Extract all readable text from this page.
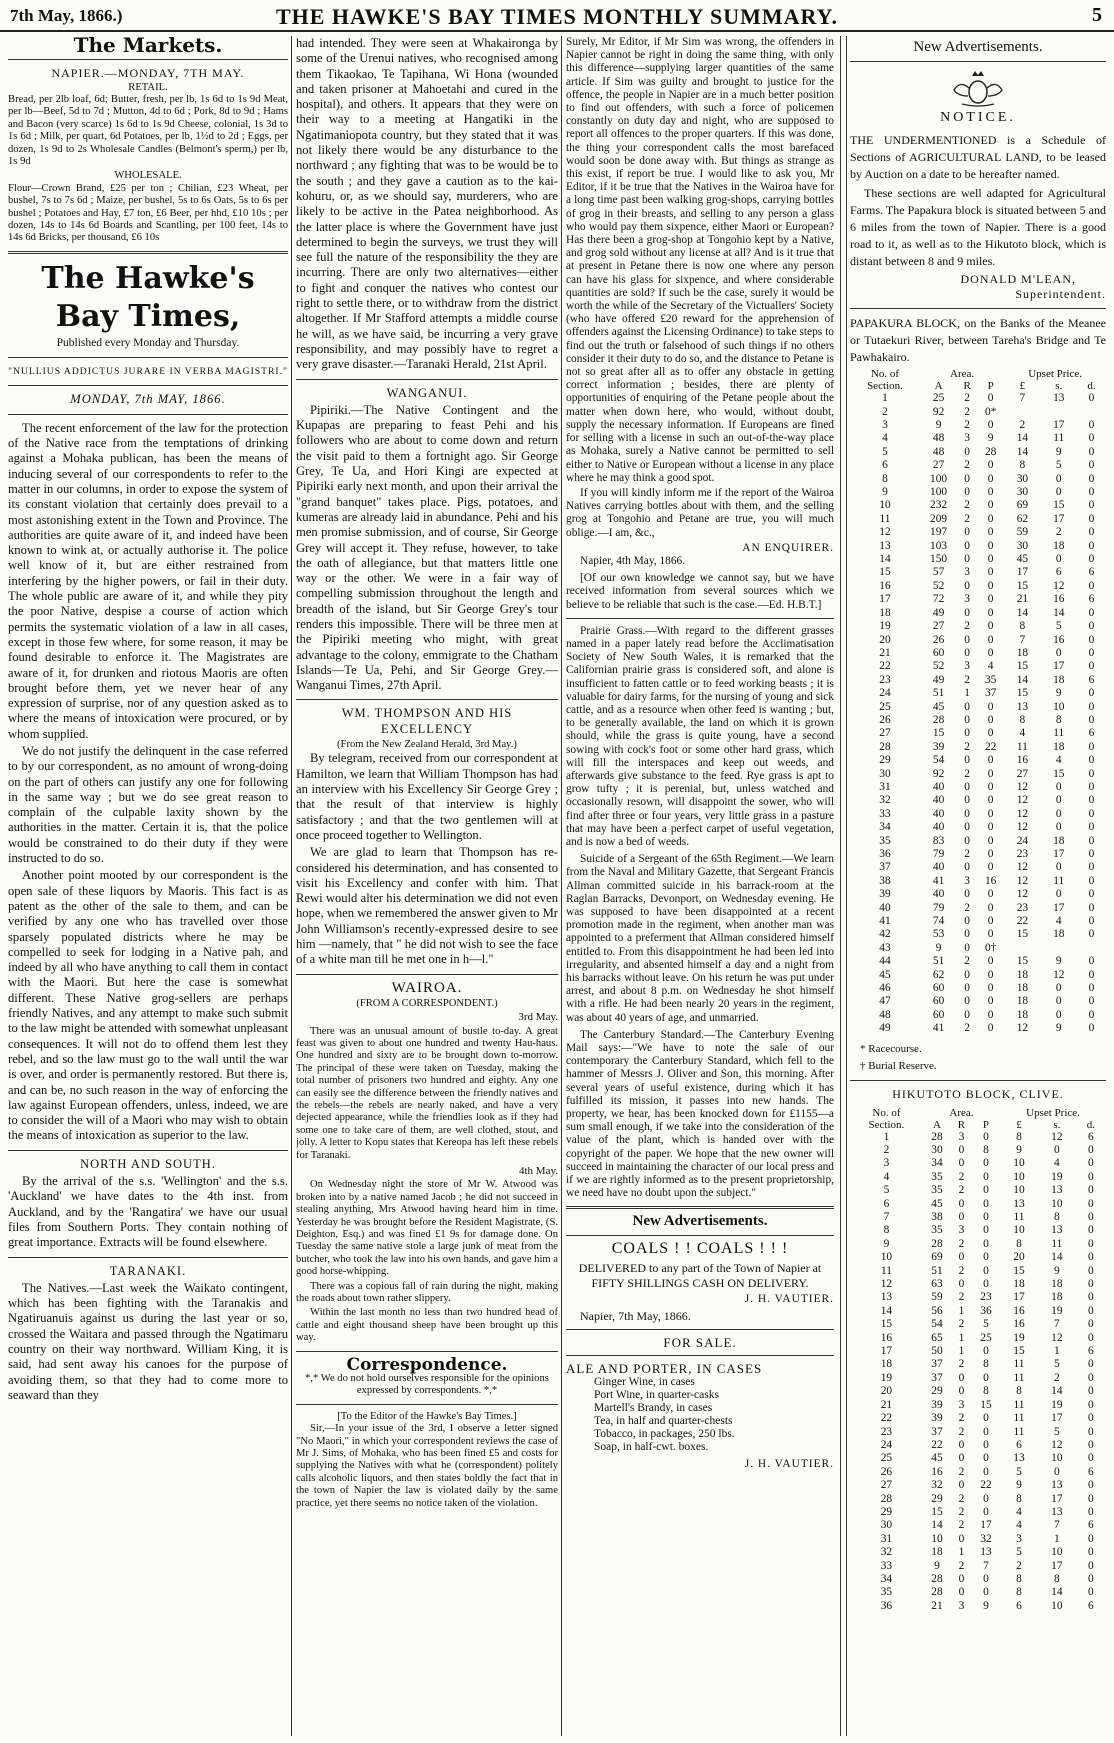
7th May, 1866.)	THE HAWKE'S BAY TIMES MONTHLY SUMMARY.	5
The Markets.
NAPIER.—MONDAY, 7TH MAY.
RETAIL.
Bread, per 2lb loaf, 6d; Butter, fresh, per lb, 1s 6d to 1s 9d Meat, per lb—Beef, 5d to 7d ; Mutton, 4d to 6d ; Pork, 8d to 9d ; Hams and Bacon (very scarce) 1s 6d to 1s 9d Cheese, colonial, 1s 3d to 1s 6d ; Milk, per quart, 6d Potatoes, per lb, 1½d to 2d ; Eggs, per dozen, 1s 9d to 2s Wholesale Candles (Belmont's sperm,) per lb, 1s 9d
WHOLESALE.
Flour—Crown Brand, £25 per ton ; Chilian, £23 Wheat, per bushel, 7s to 7s 6d ; Maize, per bushel, 5s to 6s Oats, 5s to 6s per bushel ; Potatoes and Hay, £7 ton, £6 Beer, per hhd, £10 10s ; per dozen, 14s to 14s 6d Boards and Scantling, per 100 feet, 14s to 14s 6d Bricks, per thousand, £6 10s
The Hawke's Bay Times,
Published every Monday and Thursday.
"NULLIUS ADDICTUS JURARE IN VERBA MAGISTRI."
MONDAY, 7th MAY, 1866.

The recent enforcement of the law for the protection of the Native race from the temptations of drinking against a Mohaka publican, has been the means of inducing several of our correspondents to refer to the matter in our columns, in order to expose the system of its constant violation that certainly does prevail to a most astonishing extent in the Town and Province. The authorities are quite aware of it, and indeed have been known to wink at, or actually authorise it. The police well know of it, but are either restrained from interfering by the higher powers, or fail in their duty. The whole public are aware of it, and while they pity the poor Native, despise a course of action which permits the systematic violation of a law in all cases, except in those few where, for some reason, it may be found desirable to enforce it. The Magistrates are aware of it, for drunken and riotous Maoris are often brought before them, yet we never hear of any expression of surprise, nor of any question asked as to where the means of intoxication were procured, or by whom supplied.

We do not justify the delinquent in the case referred to by our correspondent, as no amount of wrong-doing on the part of others can justify any one for following in the same way ; but we do see great reason to complain of the culpable laxity shown by the authorities in the matter. Certain it is, that the police would be constrained to do their duty if they were instructed to do so.

Another point mooted by our correspondent is the open sale of these liquors by Maoris. This fact is as patent as the other of the sale to them, and can be verified by any one who has travelled over those sparsely populated districts where he may be compelled to seek for lodging in a Native pah, and indeed by all who have anything to call them in contact with the Maori. But here the case is somewhat different. These Native grog-sellers are perhaps friendly Natives, and any attempt to make such submit to the law might be attended with somewhat unpleasant consequences. It will not do to offend them lest they rebel, and so the law must go to the wall until the war is over, and order is permanently restored. But there is, and can be, no such reason in the way of enforcing the law against European offenders, unless, indeed, we are to consider the will of a Maori who may wish to obtain the means of intoxication as superior to the law.

NORTH AND SOUTH.

By the arrival of the s.s. 'Wellington' and the s.s. 'Auckland' we have dates to the 4th inst. from Auckland, and by the 'Rangatira' we have our usual files from Southern Ports. They contain nothing of great importance. Extracts will be found elsewhere.

TARANAKI.

The Natives.—Last week the Waikato contingent, which has been fighting with the Taranakis and Ngatiruanuis against us during the last year or so, crossed the Waitara and passed through the Ngatimaru country on their way northward. William King, it is said, had sent away his canoes for the purpose of avoiding them, so that they had to come more to seaward than they

had intended. They were seen at Whakaironga by some of the Urenui natives, who recognised among them Tikaokao, Te Tapihana, Wi Hona (wounded and taken prisoner at Mahoetahi and cured in the hospital), and others. It appears that they were on their way to a meeting at Hangatiki in the Ngatimaniopota country, but they stated that it was not likely there would be any disturbance to the northward ; any fighting that was to be would be to the south ; and they gave a caution as to the kai-kohuru, or, as we should say, murderers, who are likely to be active in the Patea neighborhood. As the latter place is where the Government have just determined to begin the surveys, we trust they will see full the nature of the responsibility the they are incurring. There are only two alternatives—either to fight and conquer the natives who contest our right to settle there, or to withdraw from the district altogether. If Mr Stafford attempts a middle course he will, as we have said, be incurring a very grave responsibility, and may possibly have to regret a very grave disaster.—Taranaki Herald, 21st April.

WANGANUI.

Pipiriki.—The Native Contingent and the Kupapas are preparing to feast Pehi and his followers who are about to come down and return the visit paid to them a fortnight ago. Sir George Grey, Te Ua, and Hori Kingi are expected at Pipiriki early next month, and upon their arrival the "grand banquet" takes place. Pigs, potatoes, and kumeras are already laid in abundance. Pehi and his men promise submission, and of course, Sir George Grey will accept it. They refuse, however, to take the oath of allegiance, but that matters little one way or the other. We were in a fair way of compelling submission throughout the length and breadth of the island, but Sir George Grey's tour renders this impossible. There will be three men at the Pipiriki meeting who might, with great advantage to the colony, emmigrate to the Chatham Islands—Te Ua, Pehi, and Sir George Grey.—Wanganui Times, 27th April.

WM. THOMPSON AND HIS EXCELLENCY
(From the New Zealand Herald, 3rd May.)

By telegram, received from our correspondent at Hamilton, we learn that William Thompson has had an interview with his Excellency Sir George Grey ; that the result of that interview is highly satisfactory ; and that the two gentlemen will at once proceed together to Wellington.

We are glad to learn that Thompson has re-considered his determination, and has consented to visit his Excellency and confer with him. That Rewi would alter his determination we did not even hope, when we remembered the answer given to Mr John Williamson's recently-expressed desire to see him —namely, that " he did not wish to see the face of a white man till he met one in h—l."

WAIROA.
(FROM A CORRESPONDENT.)
3rd May.

There was an unusual amount of bustle to-day. A great feast was given to about one hundred and twenty Hau-haus. One hundred and sixty are to be brought down to-morrow. The principal of these were taken on Tuesday, making the total number of prisoners two hundred and eighty. Any one can easily see the difference between the friendly natives and the rebels—the rebels are nearly naked, and have a very dejected appearance, while the friendlies look as if they had some one to take care of them, are well clothed, stout, and jolly. A letter to Kopu states that Kereopa has left these rebels for Taranaki.

4th May.

On Wednesday night the store of Mr W. Atwood was broken into by a native named Jacob ; he did not succeed in stealing anything, Mrs Atwood having heard him in time. Yesterday he was brought before the Resident Magistrate, (S. Deighton, Esq.) and was fined £1 9s for damage done. On Tuesday the same native stole a large junk of meat from the butcher, who took the law into his own hands, and gave him a good horse-whipping.

There was a copious fall of rain during the night, making the roads about town rather slippery.

Within the last month no less than two hundred head of cattle and eight thousand sheep have been brought up this way.

Correspondence.
*,* We do not hold ourselves responsible for the opinions expressed by correspondents. *,*
[To the Editor of the Hawke's Bay Times.]

Sir,—In your issue of the 3rd, I observe a letter signed "No Maori," in which your correspondent reviews the case of Mr J. Sims, of Mohaka, who has been fined £5 and costs for supplying the Natives with what he (correspondent) politely calls alcoholic liquors, and then states boldly the fact that in the town of Napier the law is violated daily by the same practice, yet there seems no notice taken of the violation.

Surely, Mr Editor, if Mr Sim was wrong, the offenders in Napier cannot be right in doing the same thing, with only this difference—supplying larger quantities of the same article. If Sim was guilty and brought to justice for the offence, the people in Napier are in a much better position to find out offenders, with such a force of policemen constantly on duty day and night, who are supposed to report all offences to the proper quarters. If this was done, the thing your correspondent calls the most barefaced would soon be done away with. But things as strange as this exist, if report be true. I would like to ask you, Mr Editor, if it be true that the Natives in the Wairoa have for a long time past been walking grog-shops, carrying bottles of grog in their breasts, and selling to any person a glass who would pay them sixpence, either Maori or European? Has there been a grog-shop at Tongohio kept by a Native, and grog sold without any license at all? And is it true that at present in Petane there is now one where any person can have his glass for sixpence, and where considerable quantities are sold? If such be the case, surely it would be worth the while of the Secretary of the Victuallers' Society (who have offered £20 reward for the apprehension of offenders against the Licensing Ordinance) to take steps to find out the truth or falsehood of such things if no others consider it their duty to do so, and the distance to Petane is not so great after all as to offer any obstacle in getting correct information ; besides, there are plenty of opportunities of enquiring of the Petane people about the matter when down here, who would, without doubt, supply the necessary information. If Europeans are fined for selling with a license in such an out-of-the-way place as Mohaka, surely a Native cannot be permitted to sell either to Native or European without a license in any place where he may think a good spot.

If you will kindly inform me if the report of the Wairoa Natives carrying bottles about with them, and the selling grog at Tongohio and Petane are true, you will much oblige.—I am, &c.,

AN ENQUIRER.
Napier, 4th May, 1866.

[Of our own knowledge we cannot say, but we have received information from several sources which we believe to be reliable that such is the case.—Ed. H.B.T.]

Prairie Grass.—With regard to the different grasses named in a paper lately read before the Acclimatisation Society of New South Wales, it is remarked that the Californian prairie grass is considered soft, and alone is insufficient to fatten cattle or to feed working beasts ; it is valuable for dairy farms, for the nursing of young and sick cattle, and as a resource when other feed is wanting ; but, to be generally available, the land on which it is grown should, while the grass is quite young, have a second sowing with cock's foot or some other hard grass, which will fill the interspaces and keep out weeds, and afterwards give substance to the feed. Rye grass is apt to grow tufty ; it is perenial, but, unless watched and occasionally resown, will disappoint the sower, who will find after three or four years, very little grass in a pasture that may have been a perfect carpet of useful vegetation, and is now a bed of weeds.

Suicide of a Sergeant of the 65th Regiment.—We learn from the Naval and Military Gazette, that Sergeant Francis Allman committed suicide in his barrack-room at the Raglan Barracks, Devonport, on Wednesday evening. He was supposed to have been disappointed at a recent promotion made in the regiment, when another man was appointed to a preferment that Allman considered himself entitled to. From this disappointment he had been led into irregularity, and absented himself a day and a night from his barracks without leave. On his return he was put under arrest, and about 8 p.m. on Wednesday he shot himself with a rifle. He had been nearly 20 years in the regiment, was about 40 years of age, and unmarried.

The Canterbury Standard.—The Canterbury Evening Mail says:—"We have to note the sale of our contemporary the Canterbury Standard, which fell to the hammer of Messrs J. Oliver and Son, this morning. After several years of useful existence, during which it has fulfilled its mission, it passes into new hands. The property, we hear, has been knocked down for £1155—a sum small enough, if we take into the consideration of the value of the plant, which is handed over with the copyright of the paper. We hope that the new owner will succeed in maintaining the character of our local press and if we are rightly informed as to the present proprietorship, we need have no doubt upon the subject."

New Advertisements.
COALS ! ! COALS ! ! !

DELIVERED to any part of the Town of Napier at FIFTY SHILLINGS CASH ON DELIVERY.

J. H. VAUTIER.
Napier, 7th May, 1866.
FOR SALE.
ALE AND PORTER, IN CASES
Ginger Wine, in cases
Port Wine, in quarter-casks
Martell's Brandy, in cases
Tea, in half and quarter-chests
Tobacco, in packages, 250 lbs.
Soap, in half-cwt. boxes.
J. H. VAUTIER.
New Advertisements.
NOTICE.

THE UNDERMENTIONED is a Schedule of Sections of AGRICULTURAL LAND, to be leased by Auction on a date to be hereafter named.

These sections are well adapted for Agricultural Farms. The Papakura block is situated between 5 and 6 miles from the town of Napier. There is a good road to it, as well as to the Hikutoto block, which is distant between 8 and 9 miles.

DONALD M'LEAN,
Superintendent.

PAPAKURA BLOCK, on the Banks of the Meanee or Tutaekuri River, between Tareha's Bridge and Te Pawhakairo.

No. of	Area.			Upset Price.		
Section.	A	R	P	£	s.	d.
1	25	2	0	7	13	0
2	92	2	0*			
3	9	2	0	2	17	0
4	48	3	9	14	11	0
5	48	0	28	14	9	0
6	27	2	0	8	5	0
8	100	0	0	30	0	0
9	100	0	0	30	0	0
10	232	2	0	69	15	0
11	209	2	0	62	17	0
12	197	0	0	59	2	0
13	103	0	0	30	18	0
14	150	0	0	45	0	0
15	57	3	0	17	6	6
16	52	0	0	15	12	0
17	72	3	0	21	16	6
18	49	0	0	14	14	0
19	27	2	0	8	5	0
20	26	0	0	7	16	0
21	60	0	0	18	0	0
22	52	3	4	15	17	0
23	49	2	35	14	18	6
24	51	1	37	15	9	0
25	45	0	0	13	10	0
26	28	0	0	8	8	0
27	15	0	0	4	11	6
28	39	2	22	11	18	0
29	54	0	0	16	4	0
30	92	2	0	27	15	0
31	40	0	0	12	0	0
32	40	0	0	12	0	0
33	40	0	0	12	0	0
34	40	0	0	12	0	0
35	83	0	0	24	18	0
36	79	2	0	23	17	0
37	40	0	0	12	0	0
38	41	3	16	12	11	0
39	40	0	0	12	0	0
40	79	2	0	23	17	0
41	74	0	0	22	4	0
42	53	0	0	15	18	0
43	9	0	0†			
44	51	2	0	15	9	0
45	62	0	0	18	12	0
46	60	0	0	18	0	0
47	60	0	0	18	0	0
48	60	0	0	18	0	0
49	41	2	0	12	9	0
* Racecourse.
† Burial Reserve.
HIKUTOTO BLOCK, CLIVE.
No. of	Area.			Upset Price.		
Section.	A	R	P	£	s.	d.
1	28	3	0	8	12	6
2	30	0	8	9	0	0
3	34	0	0	10	4	0
4	35	2	0	10	19	0
5	35	2	0	10	13	0
6	45	0	0	13	10	0
7	38	0	0	11	8	0
8	35	3	0	10	13	0
9	28	2	0	8	11	0
10	69	0	0	20	14	0
11	51	2	0	15	9	0
12	63	0	0	18	18	0
13	59	2	23	17	18	0
14	56	1	36	16	19	0
15	54	2	5	16	7	0
16	65	1	25	19	12	0
17	50	1	0	15	1	6
18	37	2	8	11	5	0
19	37	0	0	11	2	0
20	29	0	8	8	14	0
21	39	3	15	11	19	0
22	39	2	0	11	17	0
23	37	2	0	11	5	0
24	22	0	0	6	12	0
25	45	0	0	13	10	0
26	16	2	0	5	0	6
27	32	0	22	9	13	0
28	29	2	0	8	17	0
29	15	2	0	4	13	0
30	14	2	17	4	7	6
31	10	0	32	3	1	0
32	18	1	13	5	10	0
33	9	2	7	2	17	0
34	28	0	0	8	8	0
35	28	0	0	8	14	0
36	21	3	9	6	10	6
